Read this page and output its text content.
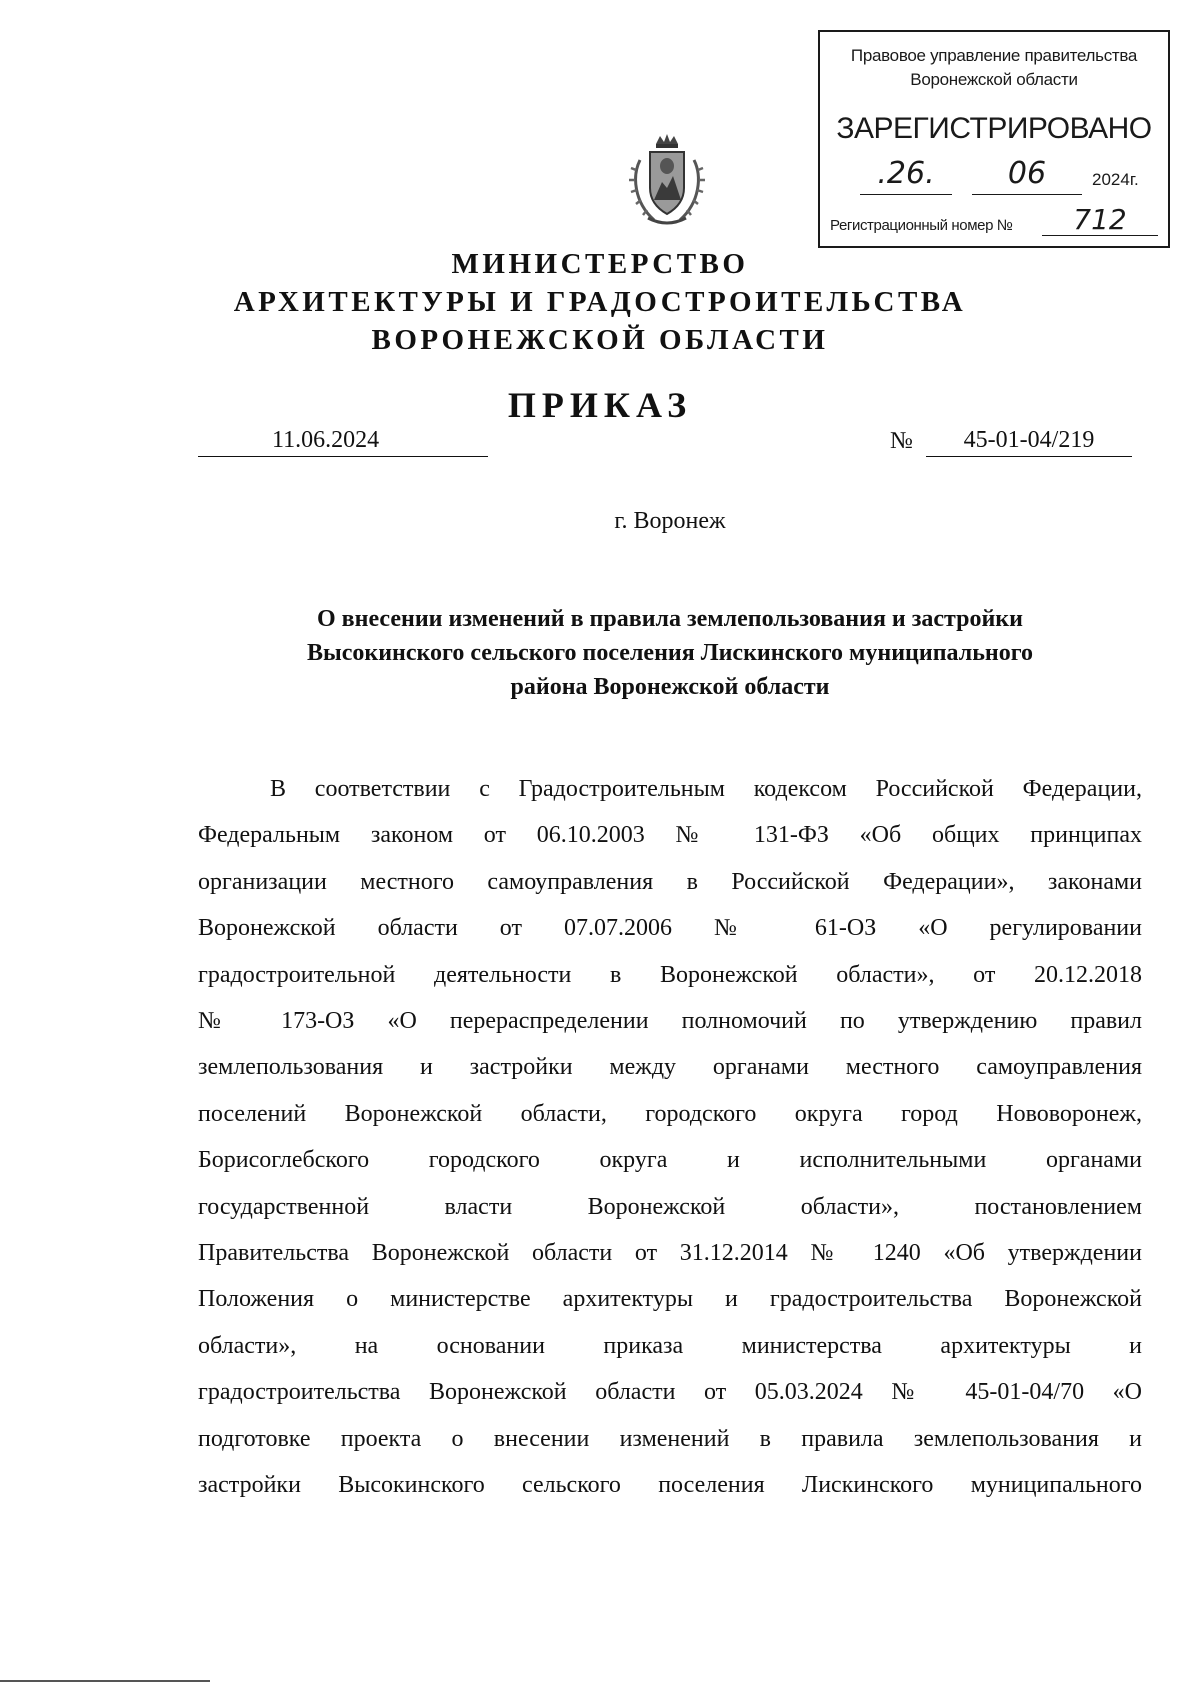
Правовое управление правительства
Воронежской области
ЗАРЕГИСТРИРОВАНО
.26.	06	2024г.
Регистрационный номер №	712
МИНИСТЕРСТВО
АРХИТЕКТУРЫ И ГРАДОСТРОИТЕЛЬСТВА
ВОРОНЕЖСКОЙ ОБЛАСТИ
ПРИКАЗ
11.06.2024	№	45-01-04/219
г. Воронеж
О внесении изменений в правила землепользования и застройки
Высокинского сельского поселения Лискинского муниципального
района Воронежской области
В соответствии с Градостроительным кодексом Российской Федерации,
Федеральным законом от 06.10.2003 № 131-ФЗ «Об общих принципах
организации местного самоуправления в Российской Федерации», законами
Воронежской области от 07.07.2006 № 61-ОЗ «О регулировании
градостроительной деятельности в Воронежской области», от 20.12.2018
№ 173-ОЗ «О перераспределении полномочий по утверждению правил
землепользования и застройки между органами местного самоуправления
поселений Воронежской области, городского округа город Нововоронеж,
Борисоглебского городского округа и исполнительными органами
государственной власти Воронежской области», постановлением
Правительства Воронежской области от 31.12.2014 № 1240 «Об утверждении
Положения о министерстве архитектуры и градостроительства Воронежской
области», на основании приказа министерства архитектуры и
градостроительства Воронежской области от 05.03.2024 № 45-01-04/70 «О
подготовке проекта о внесении изменений в правила землепользования и
застройки Высокинского сельского поселения Лискинского муниципального
